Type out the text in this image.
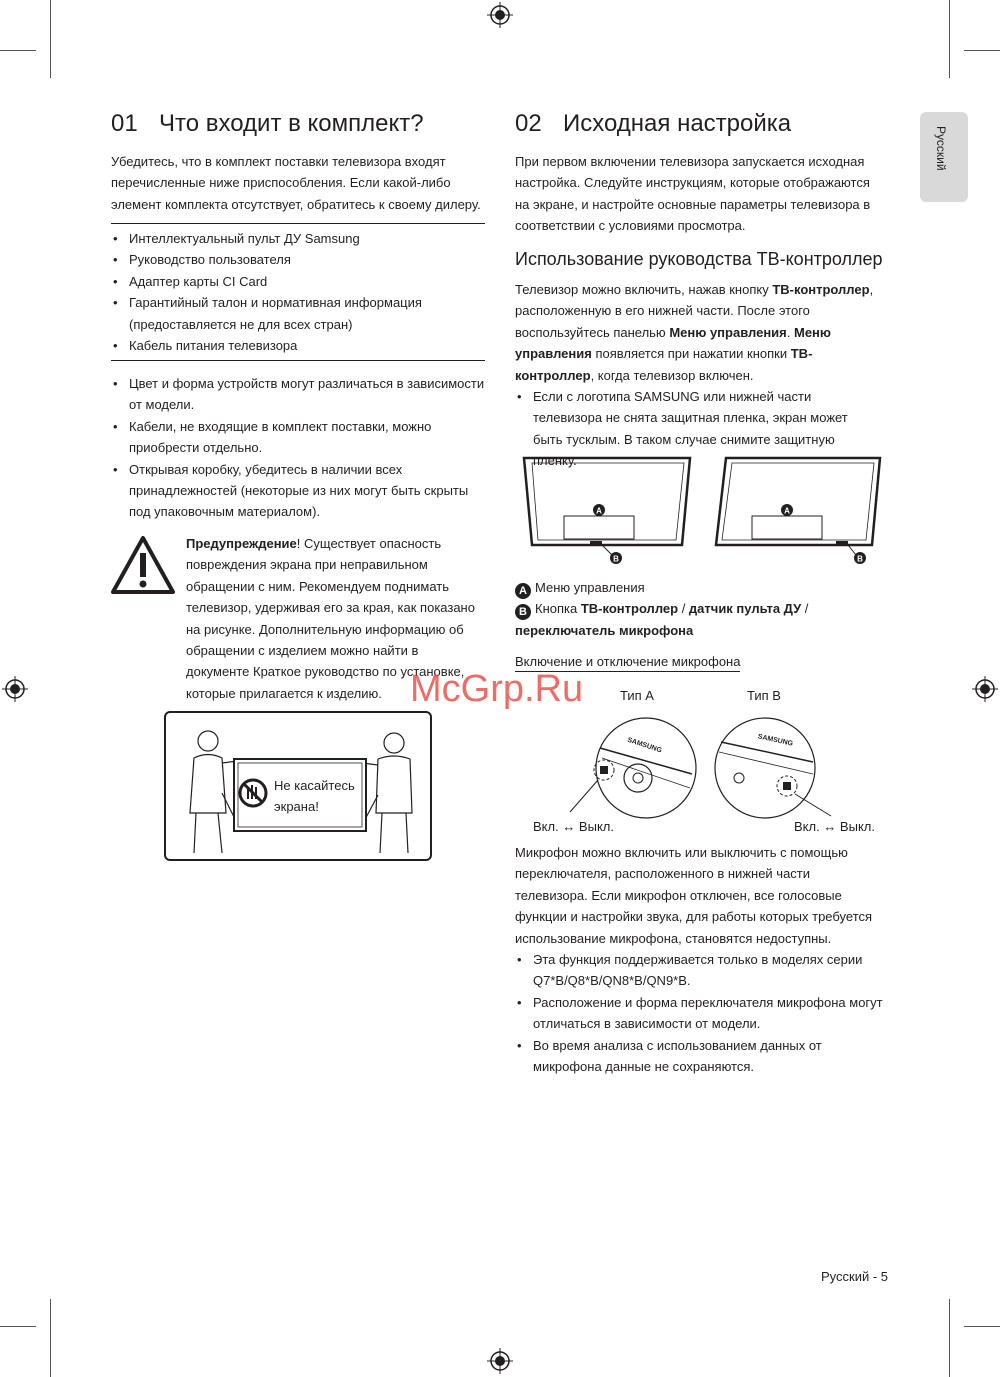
Русский
01 Что входит в комплект?
Убедитесь, что в комплект поставки телевизора входят перечисленные ниже приспособления. Если какой-либо элемент комплекта отсутствует, обратитесь к своему дилеру.
• Интеллектуальный пульт ДУ Samsung
• Руководство пользователя
• Адаптер карты CI Card
• Гарантийный талон и нормативная информация (предоставляется не для всех стран)
• Кабель питания телевизора
• Цвет и форма устройств могут различаться в зависимости от модели.
• Кабели, не входящие в комплект поставки, можно приобрести отдельно.
• Открывая коробку, убедитесь в наличии всех принадлежностей (некоторые из них могут быть скрыты под упаковочным материалом).
Предупреждение! Существует опасность повреждения экрана при неправильном обращении с ним. Рекомендуем поднимать телевизор, удерживая его за края, как показано на рисунке. Дополнительную информацию об обращении с изделием можно найти в документе Краткое руководство по установке, которые прилагается к изделию.
Не касайтесь
экрана!
02 Исходная настройка
При первом включении телевизора запускается исходная настройка. Следуйте инструкциям, которые отображаются на экране, и настройте основные параметры телевизора в соответствии с условиями просмотра.
Использование руководства ТВ-контроллер
Телевизор можно включить, нажав кнопку ТВ-контроллер, расположенную в его нижней части. После этого воспользуйтесь панелью Меню управления. Меню управления появляется при нажатии кнопки ТВ-контроллер, когда телевизор включен.
• Если с логотипа SAMSUNG или нижней части телевизора не снята защитная пленка, экран может быть тусклым. В таком случае снимите защитную пленку.
A
B
A
B
A Меню управления
B Кнопка ТВ-контроллер / датчик пульта ДУ / переключатель микрофона
Включение и отключение микрофона
Тип A	Тип B
SAMSUNG	SAMSUNG
Вкл. ↔ Выкл.	Вкл. ↔ Выкл.
Микрофон можно включить или выключить с помощью переключателя, расположенного в нижней части телевизора. Если микрофон отключен, все голосовые функции и настройки звука, для работы которых требуется использование микрофона, становятся недоступны.
• Эта функция поддерживается только в моделях серии Q7*B/Q8*B/QN8*B/QN9*B.
• Расположение и форма переключателя микрофона могут отличаться в зависимости от модели.
• Во время анализа с использованием данных от микрофона данные не сохраняются.
McGrp.Ru
Русский - 5
